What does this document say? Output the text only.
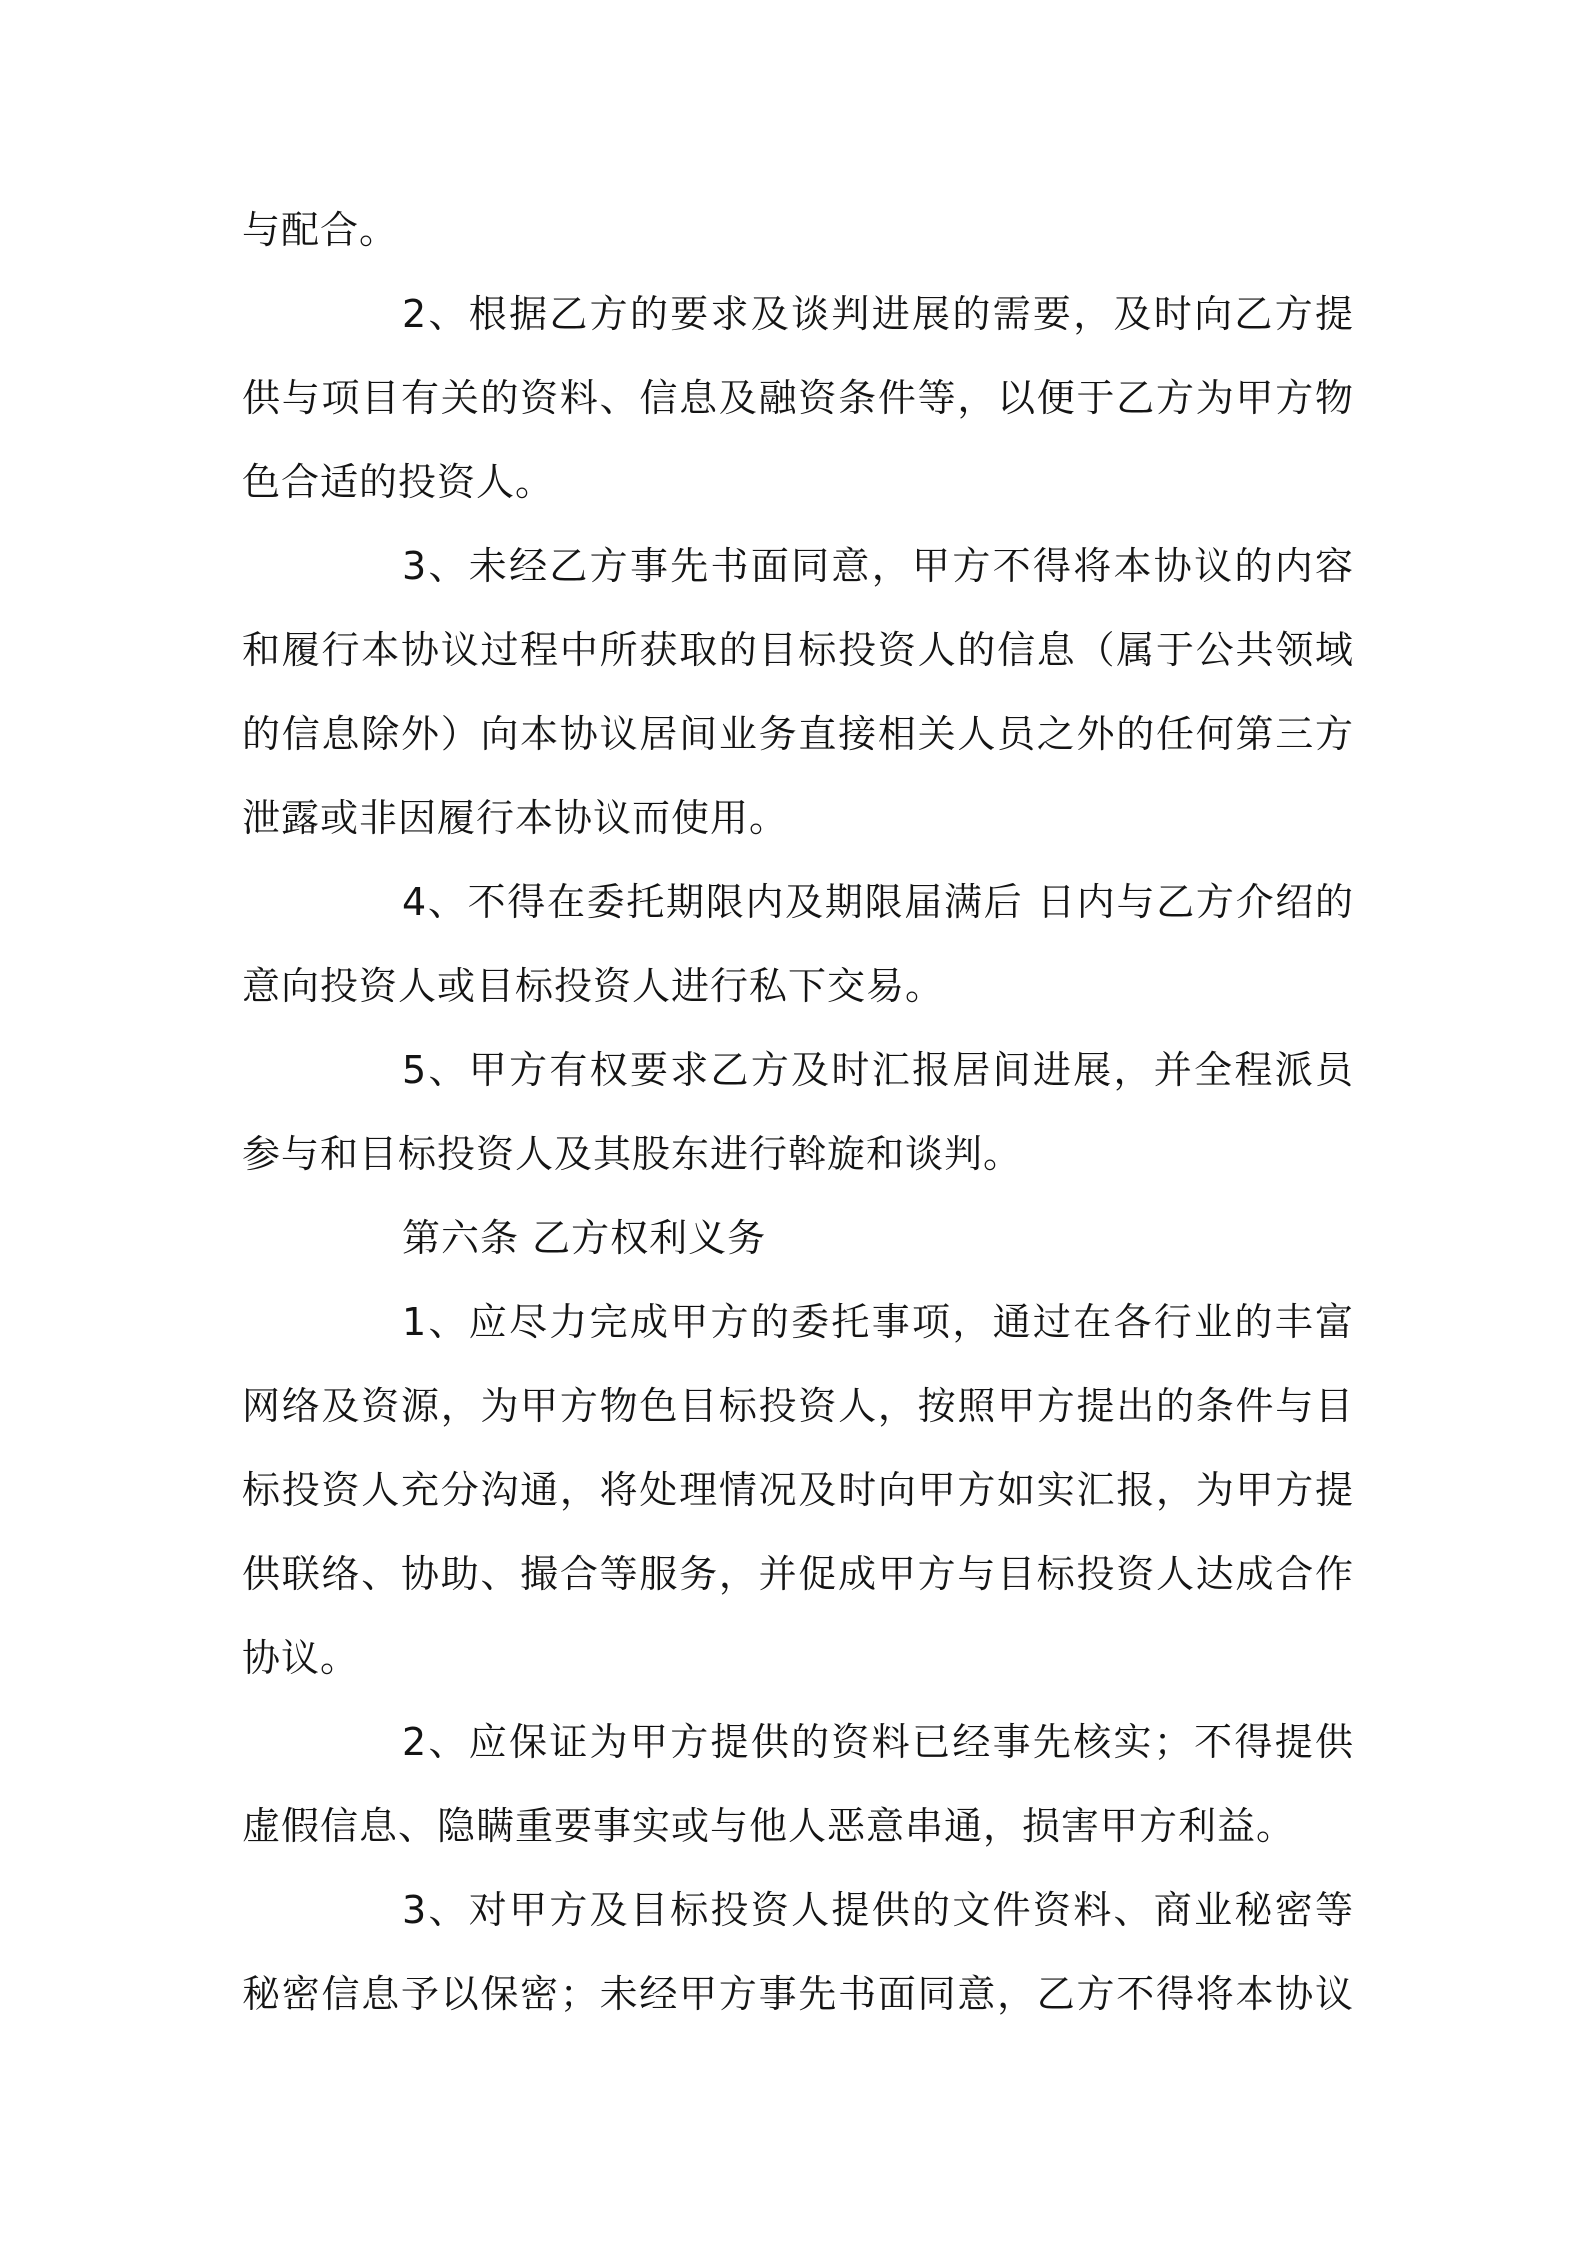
与配合。
2、根据乙方的要求及谈判进展的需要，及时向乙方提
供与项目有关的资料、信息及融资条件等，以便于乙方为甲方物
色合适的投资人。
3、未经乙方事先书面同意，甲方不得将本协议的内容
和履行本协议过程中所获取的目标投资人的信息（属于公共领域
的信息除外）向本协议居间业务直接相关人员之外的任何第三方
泄露或非因履行本协议而使用。
4、不得在委托期限内及期限届满后 日内与乙方介绍的
意向投资人或目标投资人进行私下交易。
5、甲方有权要求乙方及时汇报居间进展，并全程派员
参与和目标投资人及其股东进行斡旋和谈判。
第六条 乙方权利义务
1、应尽力完成甲方的委托事项，通过在各行业的丰富
网络及资源，为甲方物色目标投资人，按照甲方提出的条件与目
标投资人充分沟通，将处理情况及时向甲方如实汇报，为甲方提
供联络、协助、撮合等服务，并促成甲方与目标投资人达成合作
协议。
2、应保证为甲方提供的资料已经事先核实；不得提供
虚假信息、隐瞒重要事实或与他人恶意串通，损害甲方利益。
3、对甲方及目标投资人提供的文件资料、商业秘密等
秘密信息予以保密；未经甲方事先书面同意，乙方不得将本协议
